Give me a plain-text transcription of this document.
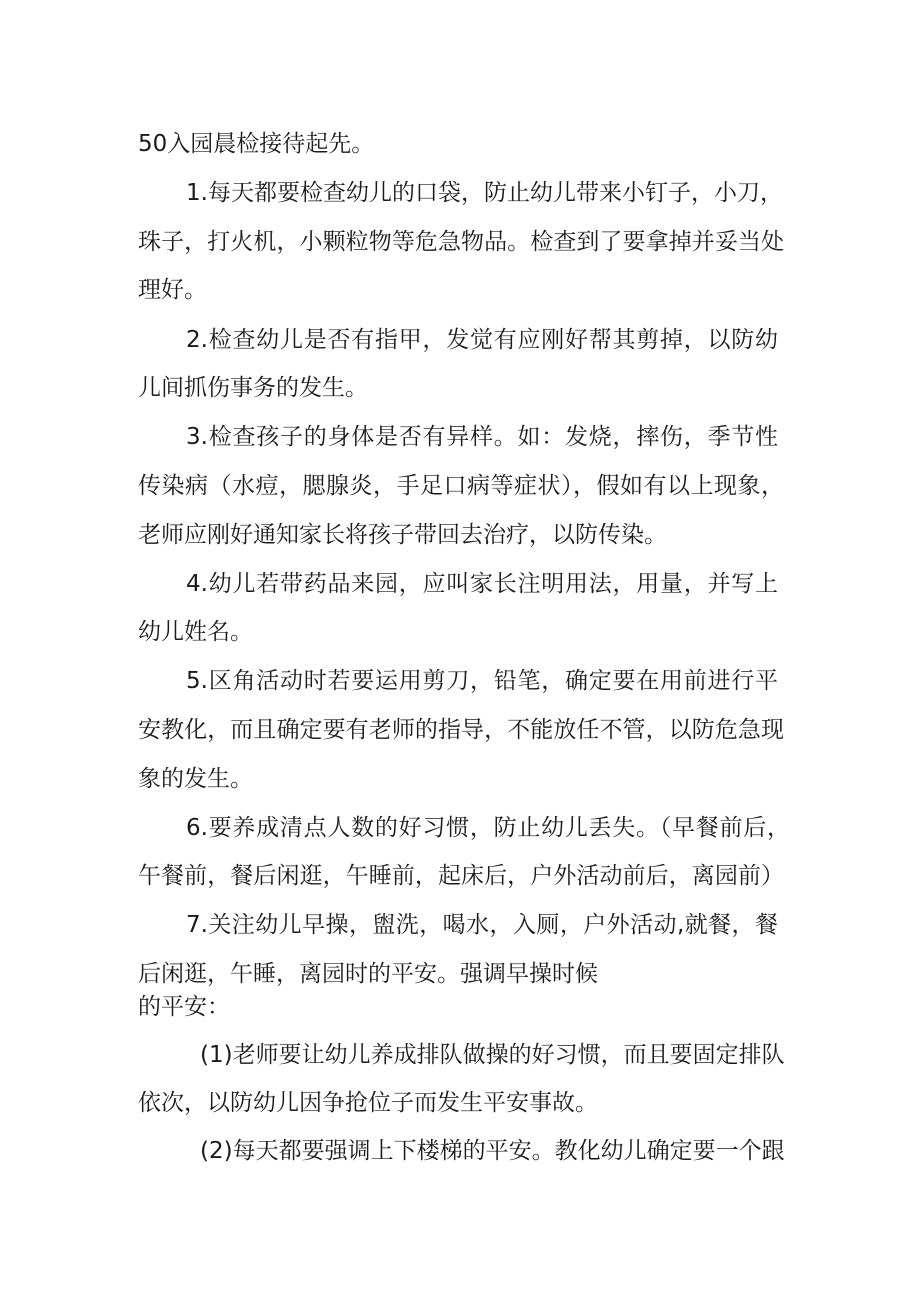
50入园晨检接待起先。

1.每天都要检查幼儿的口袋，防止幼儿带来小钉子，小刀，

珠子，打火机，小颗粒物等危急物品。检查到了要拿掉并妥当处

理好。

2.检查幼儿是否有指甲，发觉有应刚好帮其剪掉，以防幼

儿间抓伤事务的发生。

3.检查孩子的身体是否有异样。如：发烧，摔伤，季节性

传染病（水痘，腮腺炎，手足口病等症状），假如有以上现象，

老师应刚好通知家长将孩子带回去治疗，以防传染。

4.幼儿若带药品来园，应叫家长注明用法，用量，并写上

幼儿姓名。

5.区角活动时若要运用剪刀，铅笔，确定要在用前进行平

安教化，而且确定要有老师的指导，不能放任不管，以防危急现

象的发生。

6.要养成清点人数的好习惯，防止幼儿丢失。（早餐前后，

午餐前，餐后闲逛，午睡前，起床后，户外活动前后，离园前）

7.关注幼儿早操，盥洗，喝水，入厕，户外活动,就餐，餐

后闲逛，午睡，离园时的平安。强调早操时候

的平安：

(1)老师要让幼儿养成排队做操的好习惯，而且要固定排队

依次，以防幼儿因争抢位子而发生平安事故。

(2)每天都要强调上下楼梯的平安。教化幼儿确定要一个跟
